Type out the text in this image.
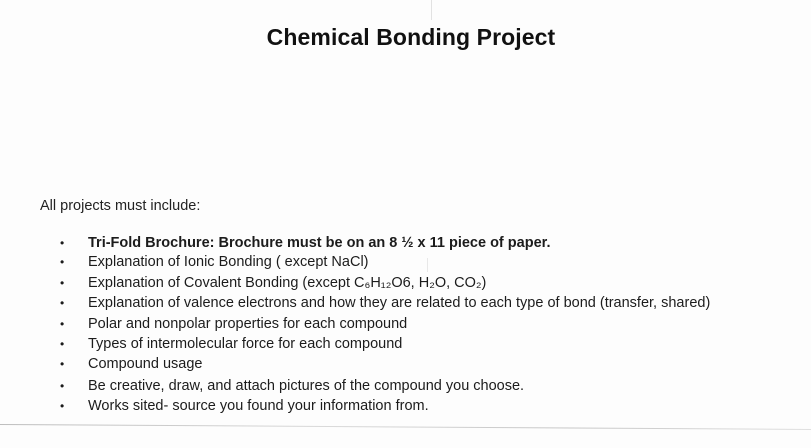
Chemical Bonding Project
All projects must include:
• Tri-Fold Brochure: Brochure must be on an 8 ½ x 11 piece of paper.
• Explanation of Ionic Bonding ( except NaCl)
• Explanation of Covalent Bonding (except C₆H₁₂O6, H₂O, CO₂)
• Explanation of valence electrons and how they are related to each type of bond (transfer, shared)
• Polar and nonpolar properties for each compound
• Types of intermolecular force for each compound
• Compound usage
• Be creative, draw, and attach pictures of the compound you choose.
• Works sited- source you found your information from.
